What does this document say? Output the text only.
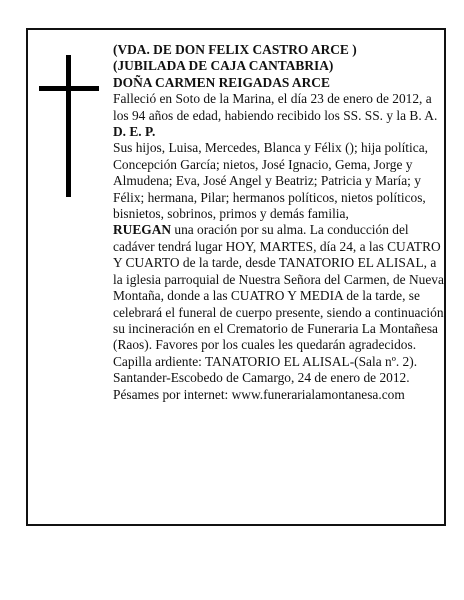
(VDA. DE DON FELIX CASTRO ARCE )

(JUBILADA DE CAJA CANTABRIA)

DOÑA CARMEN REIGADAS ARCE

Falleció en Soto de la Marina, el día 23 de enero de 2012, a los 94 años de edad, habiendo recibido los SS. SS. y la B. A.

D. E. P.

Sus hijos, Luisa, Mercedes, Blanca y Félix (); hija política, Concepción García; nietos, José Ignacio, Gema, Jorge y Almudena; Eva, José Angel y Beatriz; Patricia y María; y Félix; hermana, Pilar; hermanos políticos, nietos políticos, bisnietos, sobrinos, primos y demás familia,

RUEGAN una oración por su alma. La conducción del cadáver tendrá lugar HOY, MARTES, día 24, a las CUATRO Y CUARTO de la tarde, desde TANATORIO EL ALISAL, a la iglesia parroquial de Nuestra Señora del Carmen, de Nueva Montaña, donde a las CUATRO Y MEDIA de la tarde, se celebrará el funeral de cuerpo presente, siendo a continuación su incineración en el Crematorio de Funeraria La Montañesa (Raos). Favores por los cuales les quedarán agradecidos. Capilla ardiente: TANATORIO EL ALISAL-(Sala nº. 2).

Santander-Escobedo de Camargo, 24 de enero de 2012.

Pésames por internet: www.funerarialamontanesa.com
